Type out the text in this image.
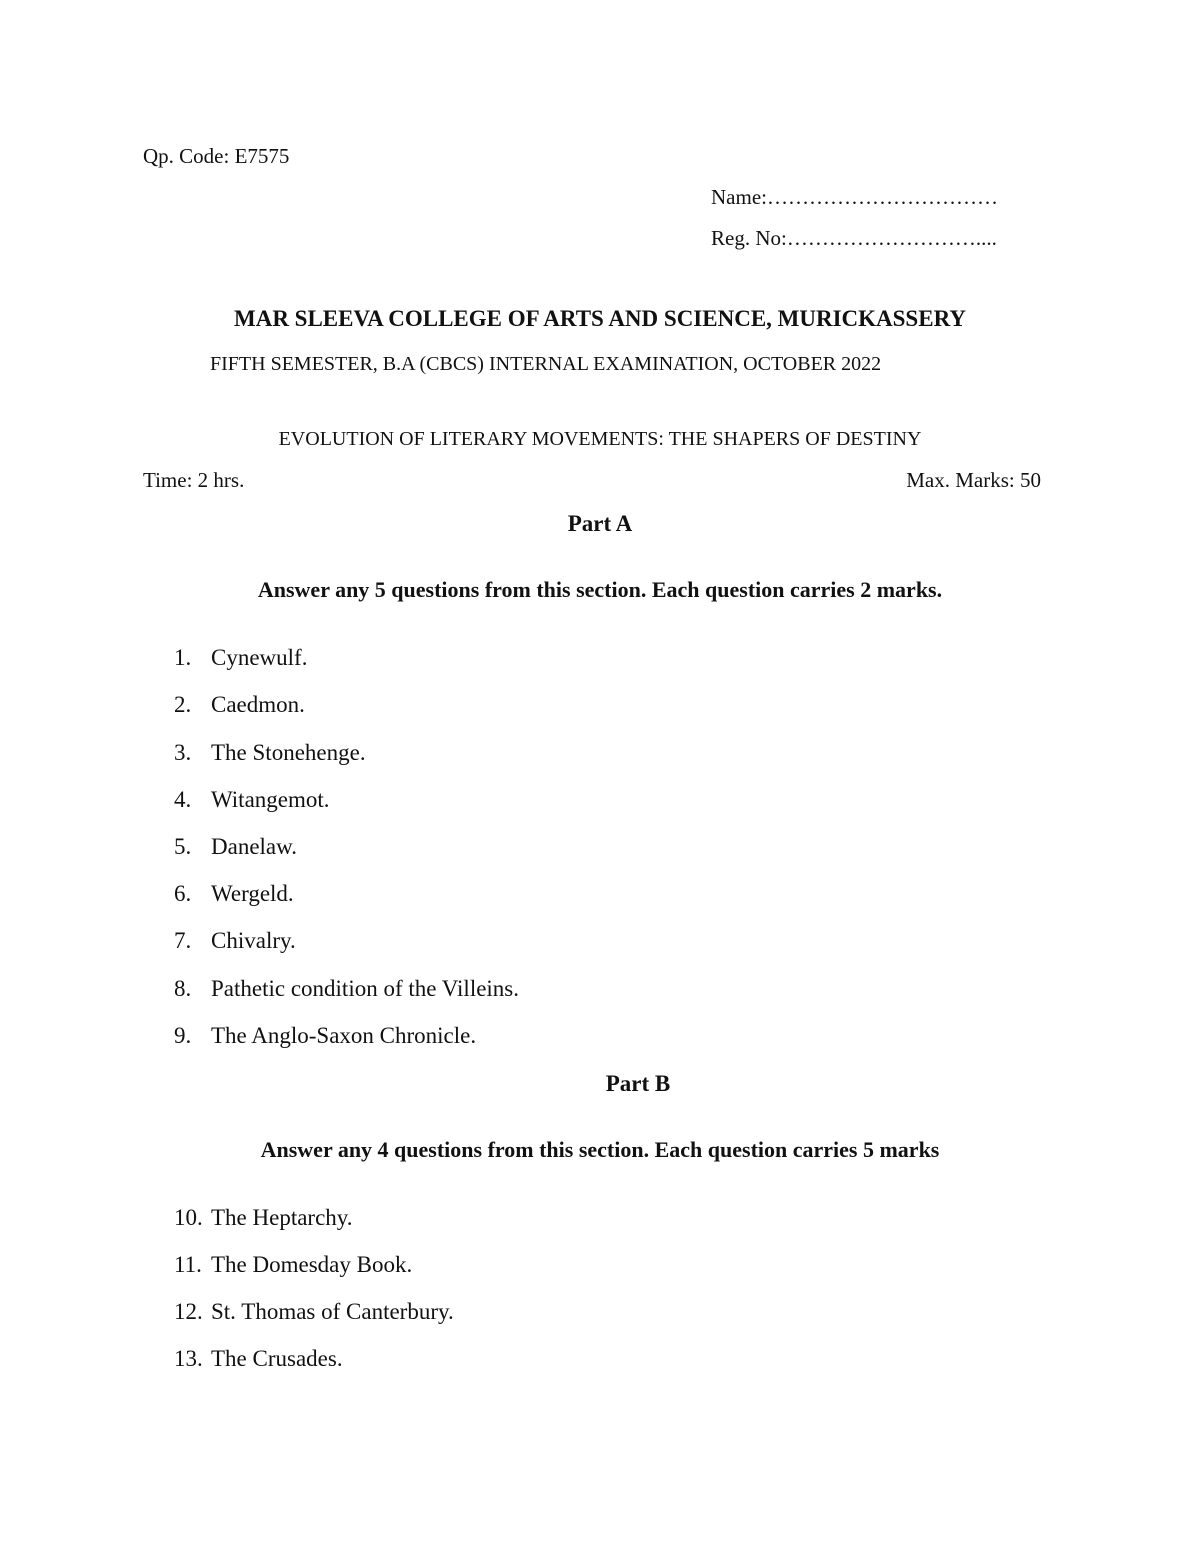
Qp. Code: E7575
Name:……………………………
Reg. No:………………………....
MAR SLEEVA COLLEGE OF ARTS AND SCIENCE, MURICKASSERY
FIFTH SEMESTER, B.A (CBCS) INTERNAL EXAMINATION, OCTOBER 2022
EVOLUTION OF LITERARY MOVEMENTS: THE SHAPERS OF DESTINY
Time: 2 hrs.	Max. Marks: 50
Part A
Answer any 5 questions from this section. Each question carries 2 marks.
1. Cynewulf.
2. Caedmon.
3. The Stonehenge.
4. Witangemot.
5. Danelaw.
6. Wergeld.
7. Chivalry.
8. Pathetic condition of the Villeins.
9. The Anglo-Saxon Chronicle.
Part B
Answer any 4 questions from this section. Each question carries 5 marks
10. The Heptarchy.
11. The Domesday Book.
12. St. Thomas of Canterbury.
13. The Crusades.
